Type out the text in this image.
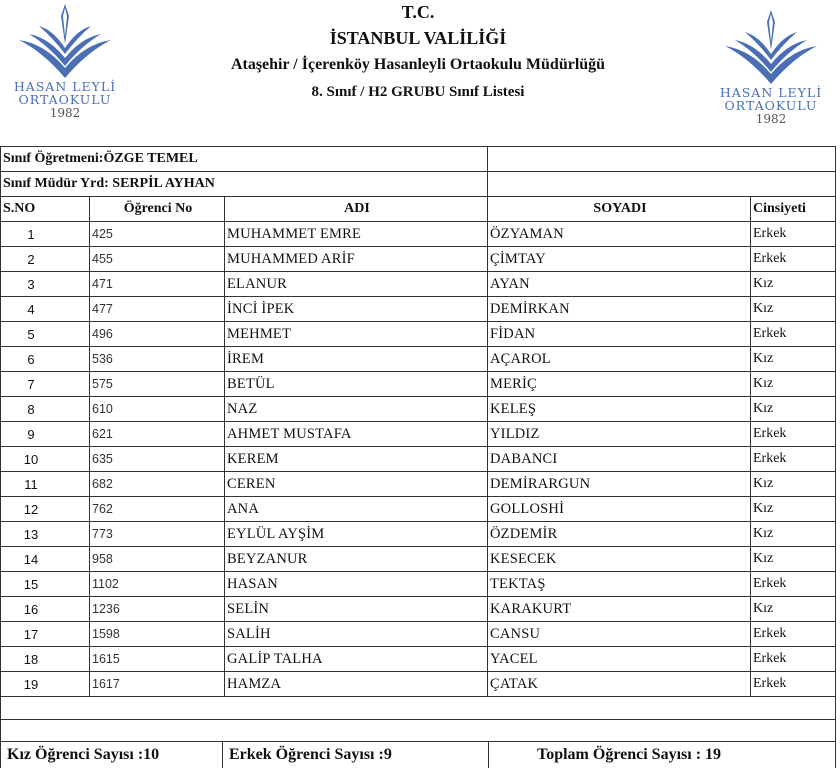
HASAN LEYLİ
ORTAOKULU
1982
HASAN LEYLİ
ORTAOKULU
1982
T.C.
İSTANBUL VALİLİĞİ
Ataşehir / İçerenköy Hasanleyli Ortaokulu Müdürlüğü
8. Sınıf / H2 GRUBU Sınıf Listesi
Sınıf Öğretmeni:ÖZGE TEMEL				
Sınıf Müdür Yrd: SERPİL AYHAN				
S.NO	Öğrenci No	ADI	SOYADI	Cinsiyeti
1	425	MUHAMMET EMRE	ÖZYAMAN	Erkek
2	455	MUHAMMED ARİF	ÇİMTAY	Erkek
3	471	ELANUR	AYAN	Kız
4	477	İNCİ İPEK	DEMİRKAN	Kız
5	496	MEHMET	FİDAN	Erkek
6	536	İREM	AÇAROL	Kız
7	575	BETÜL	MERİÇ	Kız
8	610	NAZ	KELEŞ	Kız
9	621	AHMET MUSTAFA	YILDIZ	Erkek
10	635	KEREM	DABANCI	Erkek
11	682	CEREN	DEMİRARGUN	Kız
12	762	ANA	GOLLOSHİ	Kız
13	773	EYLÜL AYŞİM	ÖZDEMİR	Kız
14	958	BEYZANUR	KESECEK	Kız
15	1102	HASAN	TEKTAŞ	Erkek
16	1236	SELİN	KARAKURT	Kız
17	1598	SALİH	CANSU	Erkek
18	1615	GALİP TALHA	YACEL	Erkek
19	1617	HAMZA	ÇATAK	Erkek

Kız Öğrenci Sayısı :10	Erkek Öğrenci Sayısı :9	Toplam Öğrenci Sayısı : 19
